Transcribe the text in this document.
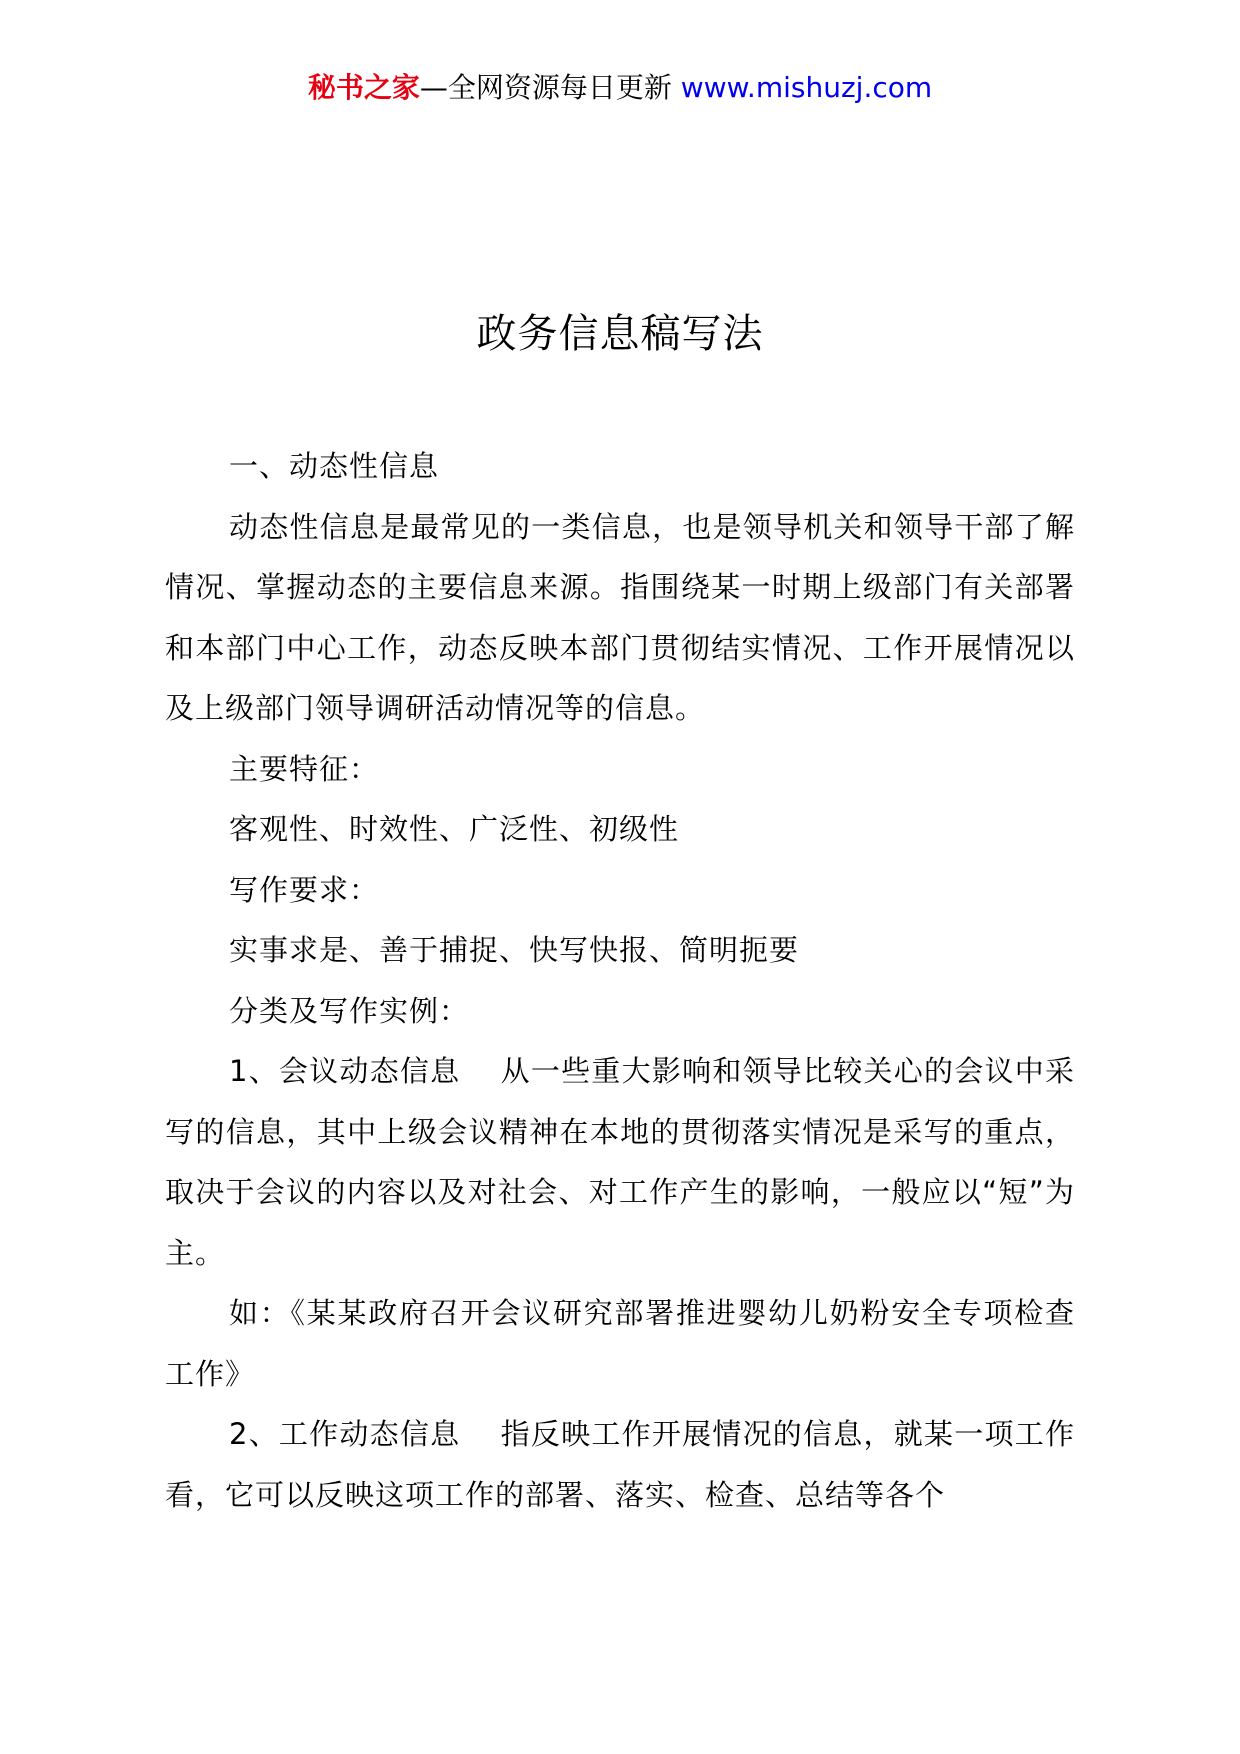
秘书之家—全网资源每日更新 www.mishuzj.com
政务信息稿写法

一、动态性信息

动态性信息是最常见的一类信息，也是领导机关和领导干部了解情况、掌握动态的主要信息来源。指围绕某一时期上级部门有关部署和本部门中心工作，动态反映本部门贯彻结实情况、工作开展情况以及上级部门领导调研活动情况等的信息。

主要特征：

客观性、时效性、广泛性、初级性

写作要求：

实事求是、善于捕捉、快写快报、简明扼要

分类及写作实例：

1、会议动态信息 从一些重大影响和领导比较关心的会议中采写的信息，其中上级会议精神在本地的贯彻落实情况是采写的重点，取决于会议的内容以及对社会、对工作产生的影响，一般应以“短”为主。

如：《某某政府召开会议研究部署推进婴幼儿奶粉安全专项检查工作》

2、工作动态信息 指反映工作开展情况的信息，就某一项工作看，它可以反映这项工作的部署、落实、检查、总结等各个
